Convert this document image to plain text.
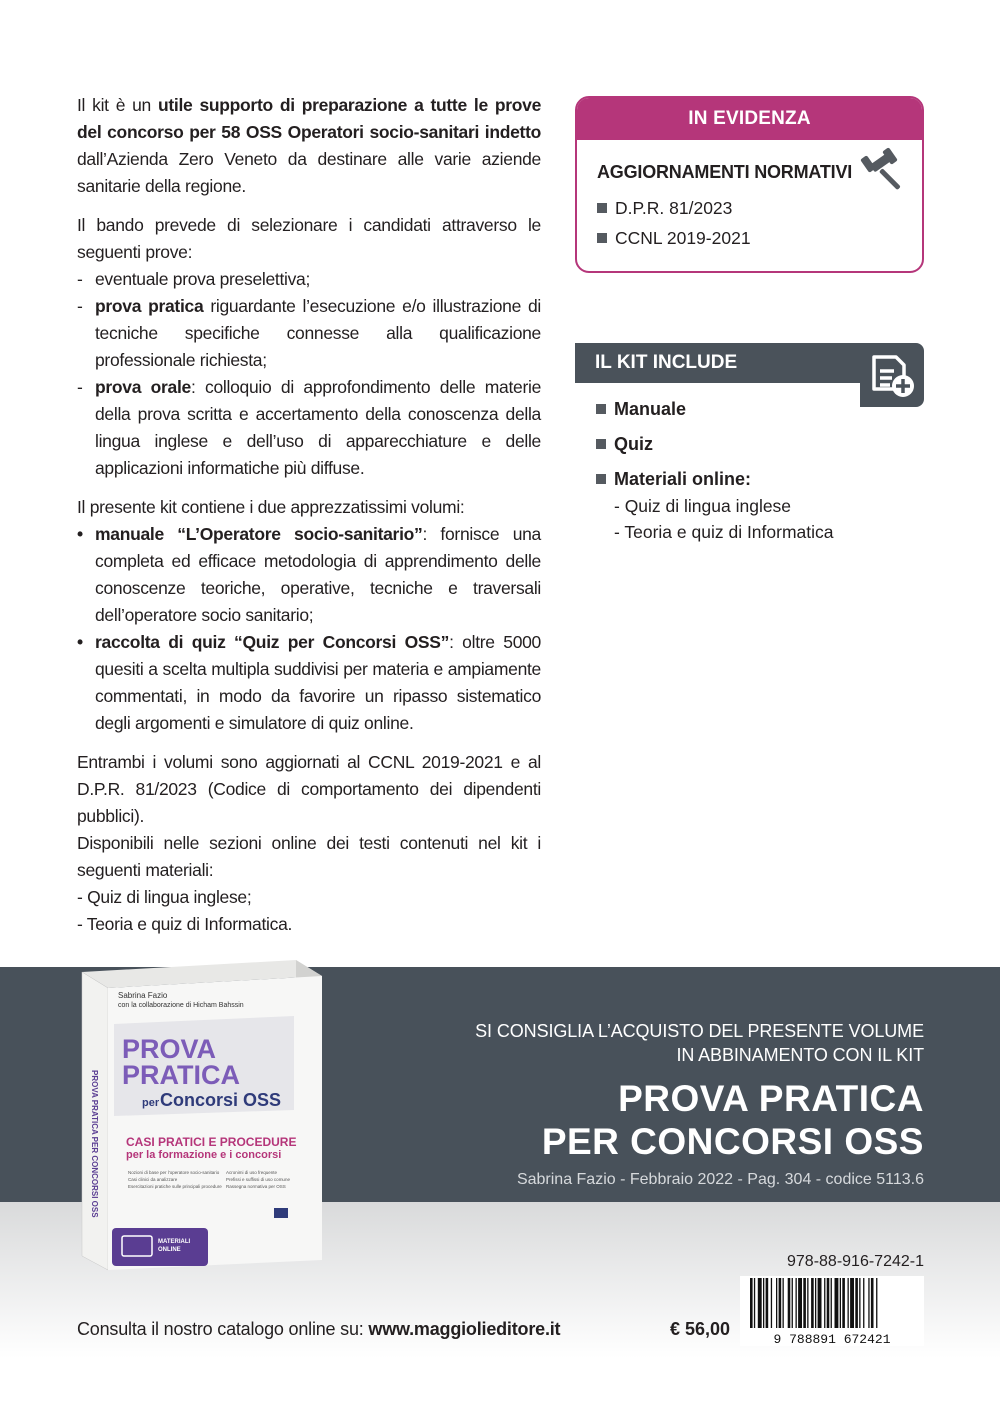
Il kit è un utile supporto di preparazione a tutte le prove del concorso per 58 OSS Operatori socio-sanitari indetto dall’Azienda Zero Veneto da destinare alle varie aziende sanitarie della regione.

Il bando prevede di selezionare i candidati attraverso le seguenti prove:

- eventuale prova preselettiva;
- prova pratica riguardante l’esecuzione e/o illustrazione di tecniche specifiche connesse alla qualificazione professionale richiesta;
- prova orale: colloquio di approfondimento delle materie della prova scritta e accertamento della conoscenza della lingua inglese e dell’uso di apparecchiature e delle applicazioni informatiche più diffuse.

Il presente kit contiene i due apprezzatissimi volumi:

• manuale “L’Operatore socio-sanitario”: fornisce una completa ed efficace metodologia di apprendimento delle conoscenze teoriche, operative, tecniche e traversali dell’operatore socio sanitario;
• raccolta di quiz “Quiz per Concorsi OSS”: oltre 5000 quesiti a scelta multipla suddivisi per materia e ampiamente commentati, in modo da favorire un ripasso sistematico degli argomenti e simulatore di quiz online.

Entrambi i volumi sono aggiornati al CCNL 2019-2021 e al D.P.R. 81/2023 (Codice di comportamento dei dipendenti pubblici).

Disponibili nelle sezioni online dei testi contenuti nel kit i seguenti materiali:

- Quiz di lingua inglese;

- Teoria e quiz di Informatica.

IN EVIDENZA
AGGIORNAMENTI NORMATIVI
D.P.R. 81/2023
CCNL 2019-2021
IL KIT INCLUDE
Manuale
Quiz
Materiali online:
- Quiz di lingua inglese
- Teoria e quiz di Informatica
SI CONSIGLIA L’ACQUISTO DEL PRESENTE VOLUME
IN ABBINAMENTO CON IL KIT
PROVA PRATICA
PER CONCORSI OSS
Sabrina Fazio - Febbraio 2022 - Pag. 304 - codice 5113.6
PROVA PRATICA PER CONCORSI OSS
Sabrina Fazio
con la collaborazione di Hicham Bahssin
PROVA
PRATICA
per Concorsi OSS
CASI PRATICI E PROCEDURE
per la formazione e i concorsi
Nozioni di base per l’operatore socio-sanitario
Casi clinici da analizzare
Esercitazioni pratiche sulle principali procedure
Acronimi di uso frequente
Prefissi e suffissi di uso comune
Rassegna normativa per OSS
MATERIALI
ONLINE
Consulta il nostro catalogo online su: www.maggiolieditore.it	€ 56,00
978-88-916-7242-1
9 788891 672421
